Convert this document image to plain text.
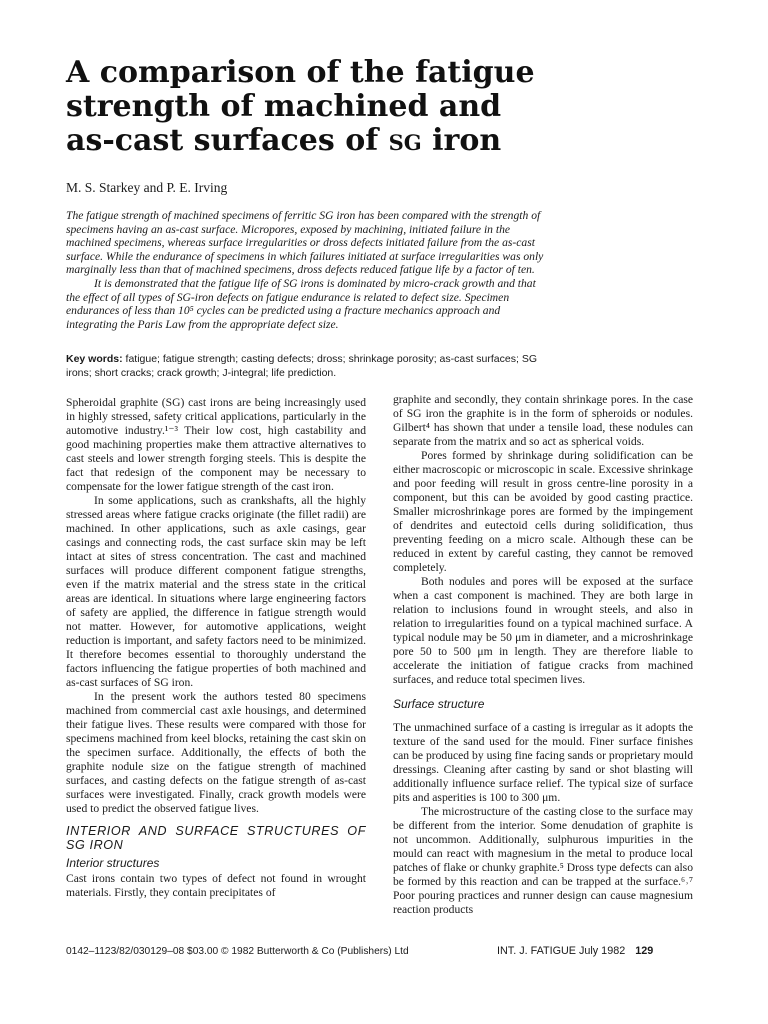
A comparison of the fatigue
strength of machined and
as-cast surfaces of sg iron

M. S. Starkey and P. E. Irving

The fatigue strength of machined specimens of ferritic SG iron has been compared with the strength of specimens having an as-cast surface. Micropores, exposed by machining, initiated failure in the machined specimens, whereas surface irregularities or dross defects initiated failure from the as-cast surface. While the endurance of specimens in which failures initiated at surface irregularities was only marginally less than that of machined specimens, dross defects reduced fatigue life by a factor of ten.

It is demonstrated that the fatigue life of SG irons is dominated by micro-crack growth and that the effect of all types of SG-iron defects on fatigue endurance is related to defect size. Specimen endurances of less than 10⁵ cycles can be predicted using a fracture mechanics approach and integrating the Paris Law from the appropriate defect size.

Key words: fatigue; fatigue strength; casting defects; dross; shrinkage porosity; as-cast surfaces; SG irons; short cracks; crack growth; J-integral; life prediction.

Spheroidal graphite (SG) cast irons are being increasingly used in highly stressed, safety critical applications, particularly in the automotive industry.¹⁻³ Their low cost, high castability and good machining properties make them attractive alternatives to cast steels and lower strength forging steels. This is despite the fact that redesign of the component may be necessary to compensate for the lower fatigue strength of the cast iron.

In some applications, such as crankshafts, all the highly stressed areas where fatigue cracks originate (the fillet radii) are machined. In other applications, such as axle casings, gear casings and connecting rods, the cast surface skin may be left intact at sites of stress concentration. The cast and machined surfaces will produce different component fatigue strengths, even if the matrix material and the stress state in the critical areas are identical. In situations where large engineering factors of safety are applied, the difference in fatigue strength would not matter. However, for automotive applications, weight reduction is important, and safety factors need to be minimized. It therefore becomes essential to thoroughly understand the factors influencing the fatigue properties of both machined and as-cast surfaces of SG iron.

In the present work the authors tested 80 specimens machined from commercial cast axle housings, and determined their fatigue lives. These results were compared with those for specimens machined from keel blocks, retaining the cast skin on the specimen surface. Additionally, the effects of both the graphite nodule size on the fatigue strength of machined surfaces, and casting defects on the fatigue strength of as-cast surfaces were investigated. Finally, crack growth models were used to predict the observed fatigue lives.

INTERIOR AND SURFACE STRUCTURES OF SG IRON
Interior structures

Cast irons contain two types of defect not found in wrought materials. Firstly, they contain precipitates of

graphite and secondly, they contain shrinkage pores. In the case of SG iron the graphite is in the form of spheroids or nodules. Gilbert⁴ has shown that under a tensile load, these nodules can separate from the matrix and so act as spherical voids.

Pores formed by shrinkage during solidification can be either macroscopic or microscopic in scale. Excessive shrinkage and poor feeding will result in gross centre-line porosity in a component, but this can be avoided by good casting practice. Smaller microshrinkage pores are formed by the impingement of dendrites and eutectoid cells during solidification, thus preventing feeding on a micro scale. Although these can be reduced in extent by careful casting, they cannot be removed completely.

Both nodules and pores will be exposed at the surface when a cast component is machined. They are both large in relation to inclusions found in wrought steels, and also in relation to irregularities found on a typical machined surface. A typical nodule may be 50 μm in diameter, and a microshrinkage pore 50 to 500 μm in length. They are therefore liable to accelerate the initiation of fatigue cracks from machined surfaces, and reduce total specimen lives.

Surface structure

The unmachined surface of a casting is irregular as it adopts the texture of the sand used for the mould. Finer surface finishes can be produced by using fine facing sands or proprietary mould dressings. Cleaning after casting by sand or shot blasting will additionally influence surface relief. The typical size of surface pits and asperities is 100 to 300 μm.

The microstructure of the casting close to the surface may be different from the interior. Some denudation of graphite is not uncommon. Additionally, sulphurous impurities in the mould can react with magnesium in the metal to produce local patches of flake or chunky graphite.⁵ Dross type defects can also be formed by this reaction and can be trapped at the surface.⁶˒⁷ Poor pouring practices and runner design can cause magnesium reaction products

0142–1123/82/030129–08 $03.00 © 1982 Butterworth & Co (Publishers) Ltd	INT. J. FATIGUE July 1982 129
